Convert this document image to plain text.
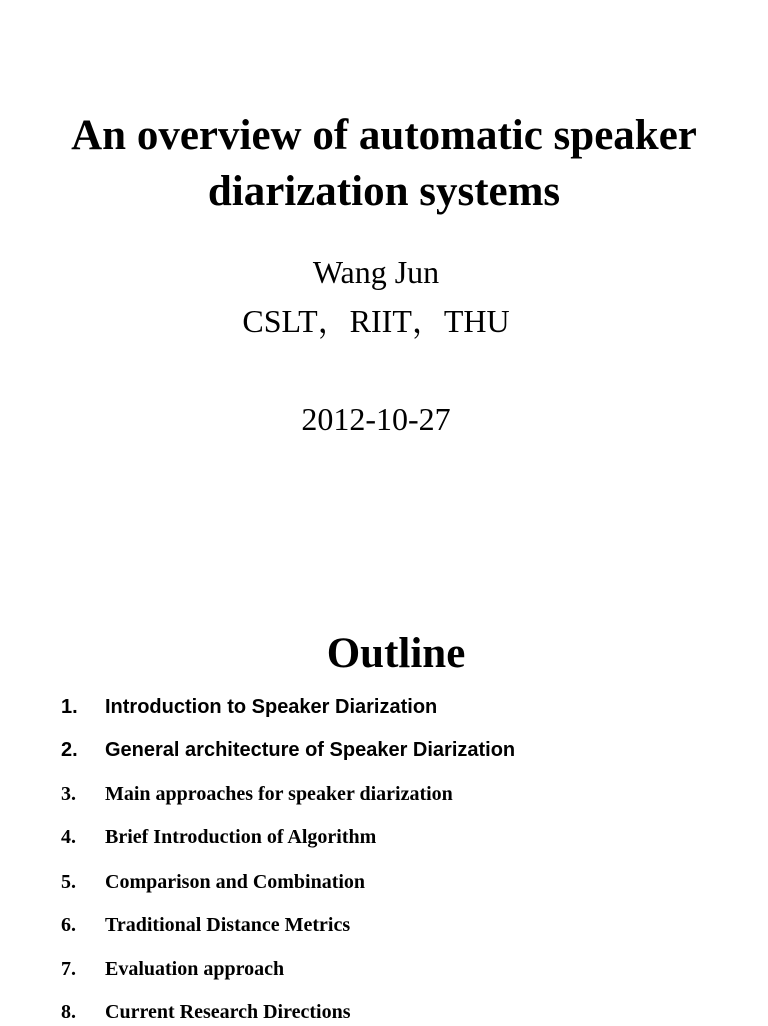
An overview of automatic speaker
diarization systems
Wang Jun
CSLT，RIIT，THU
2012-10-27
Outline
1. Introduction to Speaker Diarization
2. General architecture of Speaker Diarization
3. Main approaches for speaker diarization
4. Brief Introduction of Algorithm
5. Comparison and Combination
6. Traditional Distance Metrics
7. Evaluation approach
8. Current Research Directions
